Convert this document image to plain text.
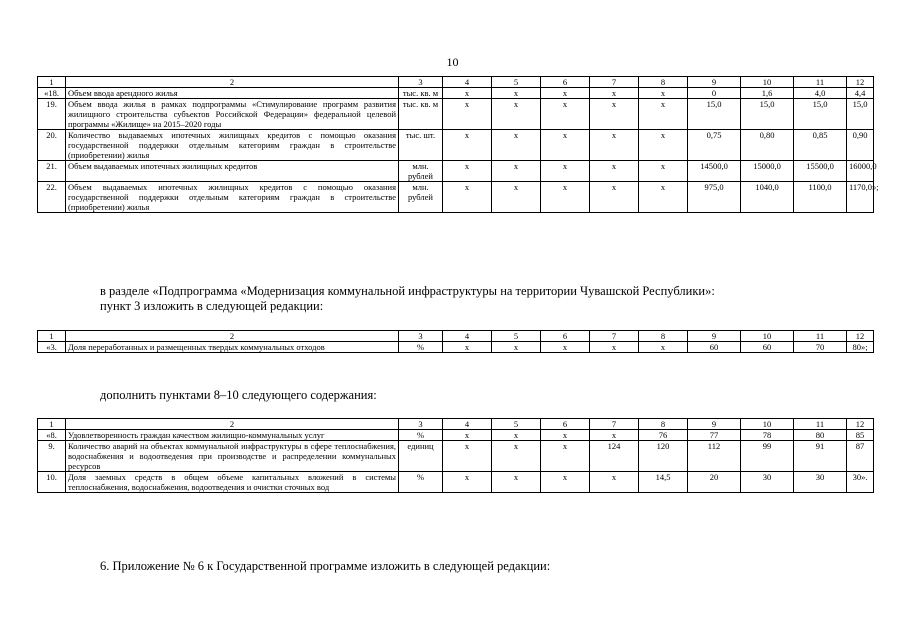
10
1	2	3	4	5	6	7	8	9	10	11	12
«18.	Объем ввода арендного жилья	тыс. кв. м	x	x	x	x	x	0	1,6	4,0	4,4
19.	Объем ввода жилья в рамках подпрограммы «Стимулирование программ развития жилищного строительства субъектов Российской Федерации» федеральной целевой программы «Жилище» на 2015–2020 годы	тыс. кв. м	x	x	x	x	x	15,0	15,0	15,0	15,0
20.	Количество выдаваемых ипотечных жилищных кредитов с помощью оказания государственной поддержки отдельным категориям граждан в строительстве (приобретении) жилья	тыс. шт.	x	x	x	x	x	0,75	0,80	0,85	0,90
21.	Объем выдаваемых ипотечных жилищных кредитов	млн. рублей	x	x	x	x	x	14500,0	15000,0	15500,0	16000,0
22.	Объем выдаваемых ипотечных жилищных кредитов с помощью оказания государственной поддержки отдельным категориям граждан в строительстве (приобретении) жилья	млн. рублей	x	x	x	x	x	975,0	1040,0	1100,0	1170,0»;
в разделе «Подпрограмма «Модернизация коммунальной инфраструктуры на территории Чувашской Республики»:
пункт 3 изложить в следующей редакции:
1	2	3	4	5	6	7	8	9	10	11	12
«3.	Доля переработанных и размещенных твердых коммунальных отходов	%	x	x	x	x	x	60	60	70	80»;
дополнить пунктами 8–10 следующего содержания:
1	2	3	4	5	6	7	8	9	10	11	12
«8.	Удовлетворенность граждан качеством жилищно-коммунальных услуг	%	x	x	x	x	76	77	78	80	85
9.	Количество аварий на объектах коммунальной инфраструктуры в сфере теплоснабжения, водоснабжения и водоотведения при производстве и распределении коммунальных ресурсов	единиц	x	x	x	124	120	112	99	91	87
10.	Доля заемных средств в общем объеме капитальных вложений в системы теплоснабжения, водоснабжения, водоотведения и очистки сточных вод	%	x	x	x	x	14,5	20	30	30	30».
6. Приложение № 6 к Государственной программе изложить в следующей редакции:
